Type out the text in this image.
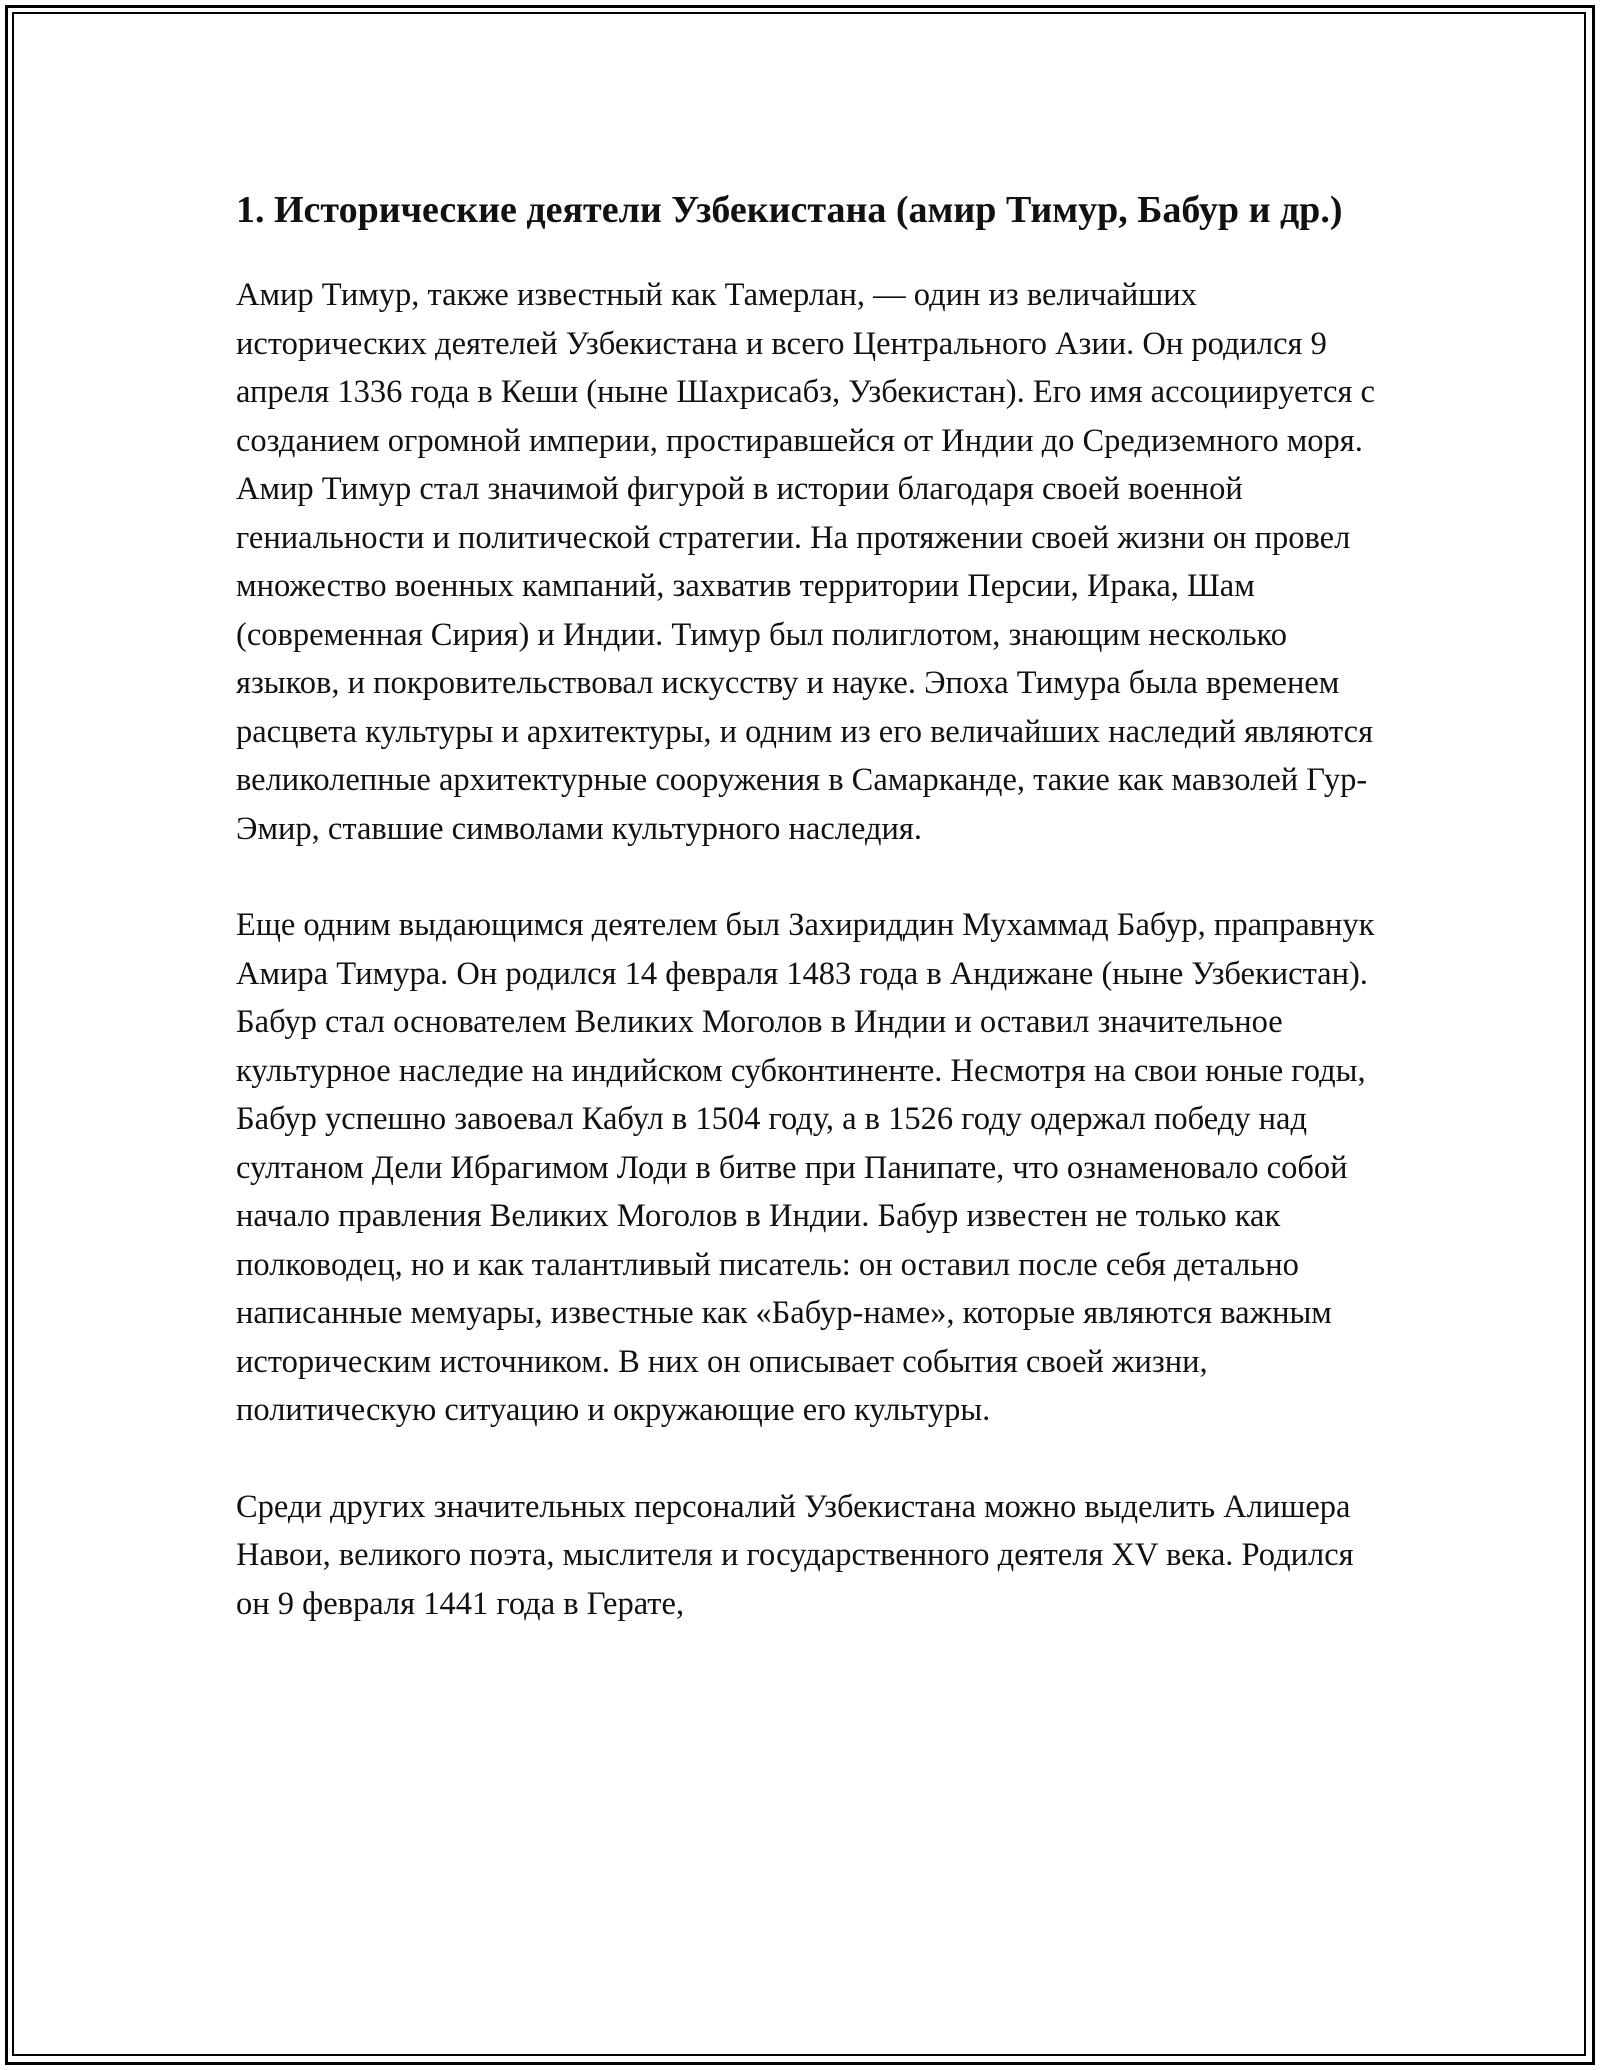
1. Исторические деятели Узбекистана (амир Тимур, Бабур и др.)

Амир Тимур, также известный как Тамерлан, — один из величайших исторических деятелей Узбекистана и всего Центрального Азии. Он родился 9 апреля 1336 года в Кеши (ныне Шахрисабз, Узбекистан). Его имя ассоциируется с созданием огромной империи, простиравшейся от Индии до Средиземного моря. Амир Тимур стал значимой фигурой в истории благодаря своей военной гениальности и политической стратегии. На протяжении своей жизни он провел множество военных кампаний, захватив территории Персии, Ирака, Шам (современная Сирия) и Индии. Тимур был полиглотом, знающим несколько языков, и покровительствовал искусству и науке. Эпоха Тимура была временем расцвета культуры и архитектуры, и одним из его величайших наследий являются великолепные архитектурные сооружения в Самарканде, такие как мавзолей Гур-Эмир, ставшие символами культурного наследия.

Еще одним выдающимся деятелем был Захириддин Мухаммад Бабур, праправнук Амира Тимура. Он родился 14 февраля 1483 года в Андижане (ныне Узбекистан). Бабур стал основателем Великих Моголов в Индии и оставил значительное культурное наследие на индийском субконтиненте. Несмотря на свои юные годы, Бабур успешно завоевал Кабул в 1504 году, а в 1526 году одержал победу над султаном Дели Ибрагимом Лоди в битве при Панипате, что ознаменовало собой начало правления Великих Моголов в Индии. Бабур известен не только как полководец, но и как талантливый писатель: он оставил после себя детально написанные мемуары, известные как «Бабур-наме», которые являются важным историческим источником. В них он описывает события своей жизни, политическую ситуацию и окружающие его культуры.

Среди других значительных персоналий Узбекистана можно выделить Алишера Навои, великого поэта, мыслителя и государственного деятеля XV века. Родился он 9 февраля 1441 года в Герате,
